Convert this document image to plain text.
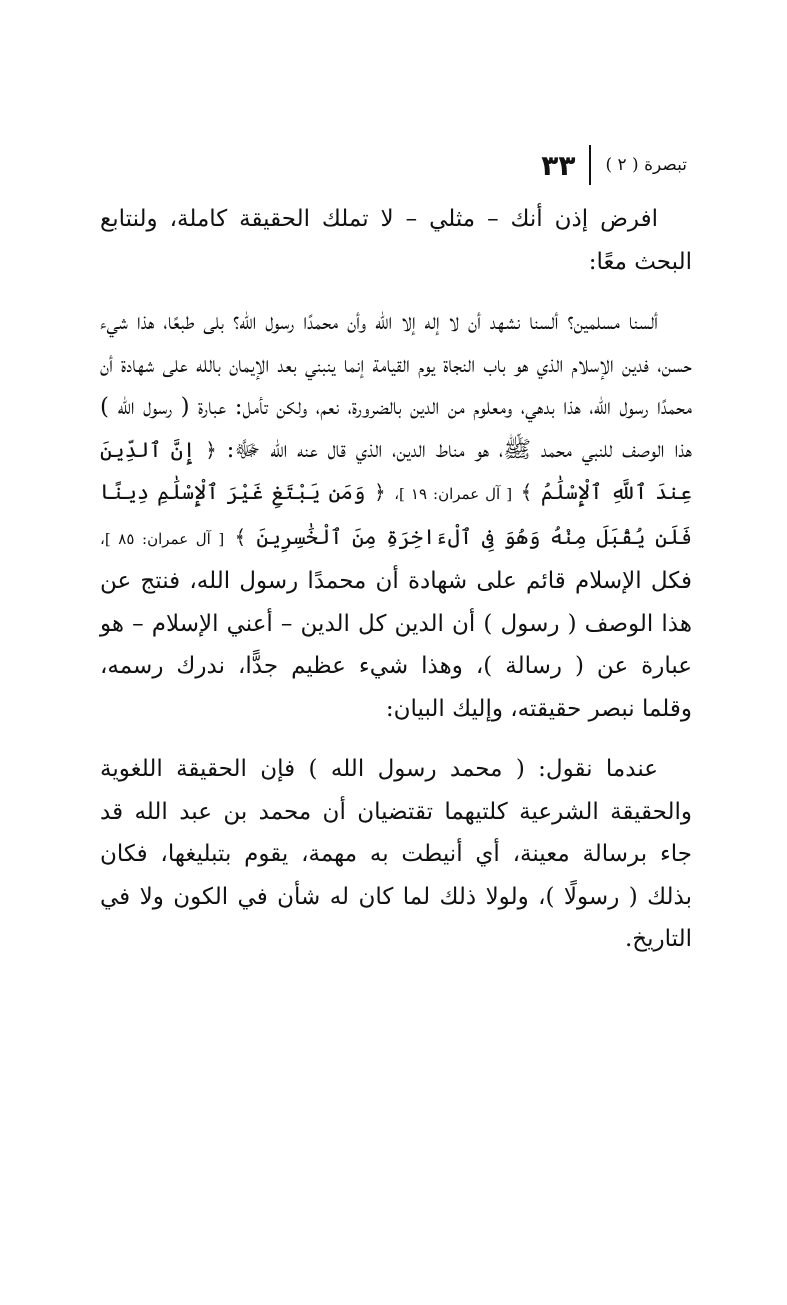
تبصرة ( ٢ )
٣٣

افرض إذن أنك – مثلي – لا تملك الحقيقة كاملة، ولنتابع البحث معًا:

ألسنا مسلمين؟ ألسنا نشهد أن لا إله إلا الله وأن محمدًا رسول الله؟ بلى طبعًا، هذا شيء حسن، فدين الإسلام الذي هو باب النجاة يوم القيامة إنما ينبني بعد الإيمان بالله على شهادة أن محمدًا رسول الله، هذا بدهي، ومعلوم من الدين بالضرورة، نعم، ولكن تأمل: عبارة ( رسول الله ) هذا الوصف للنبي محمد ﷺ، هو مناط الدين، الذي قال عنه الله ﷻ: ﴿ إِنَّ ٱلدِّينَ عِندَ ٱللَّهِ ٱلْإِسْلَٰمُ ﴾ [ آل عمران: ١٩ ]، ﴿ وَمَن يَبْتَغِ غَيْرَ ٱلْإِسْلَٰمِ دِينًا فَلَن يُقْبَلَ مِنْهُ وَهُوَ فِى ٱلْءَاخِرَةِ مِنَ ٱلْخَٰسِرِينَ ﴾ [ آل عمران: ٨٥ ]، فكل الإسلام قائم على شهادة أن محمدًا رسول الله، فنتج عن هذا الوصف ( رسول ) أن الدين كل الدين – أعني الإسلام – هو عبارة عن ( رسالة )، وهذا شيء عظيم جدًّا، ندرك رسمه، وقلما نبصر حقيقته، وإليك البيان:

عندما نقول: ( محمد رسول الله ) فإن الحقيقة اللغوية والحقيقة الشرعية كلتيهما تقتضيان أن محمد بن عبد الله قد جاء برسالة معينة، أي أنيطت به مهمة، يقوم بتبليغها، فكان بذلك ( رسولًا )، ولولا ذلك لما كان له شأن في الكون ولا في التاريخ.
